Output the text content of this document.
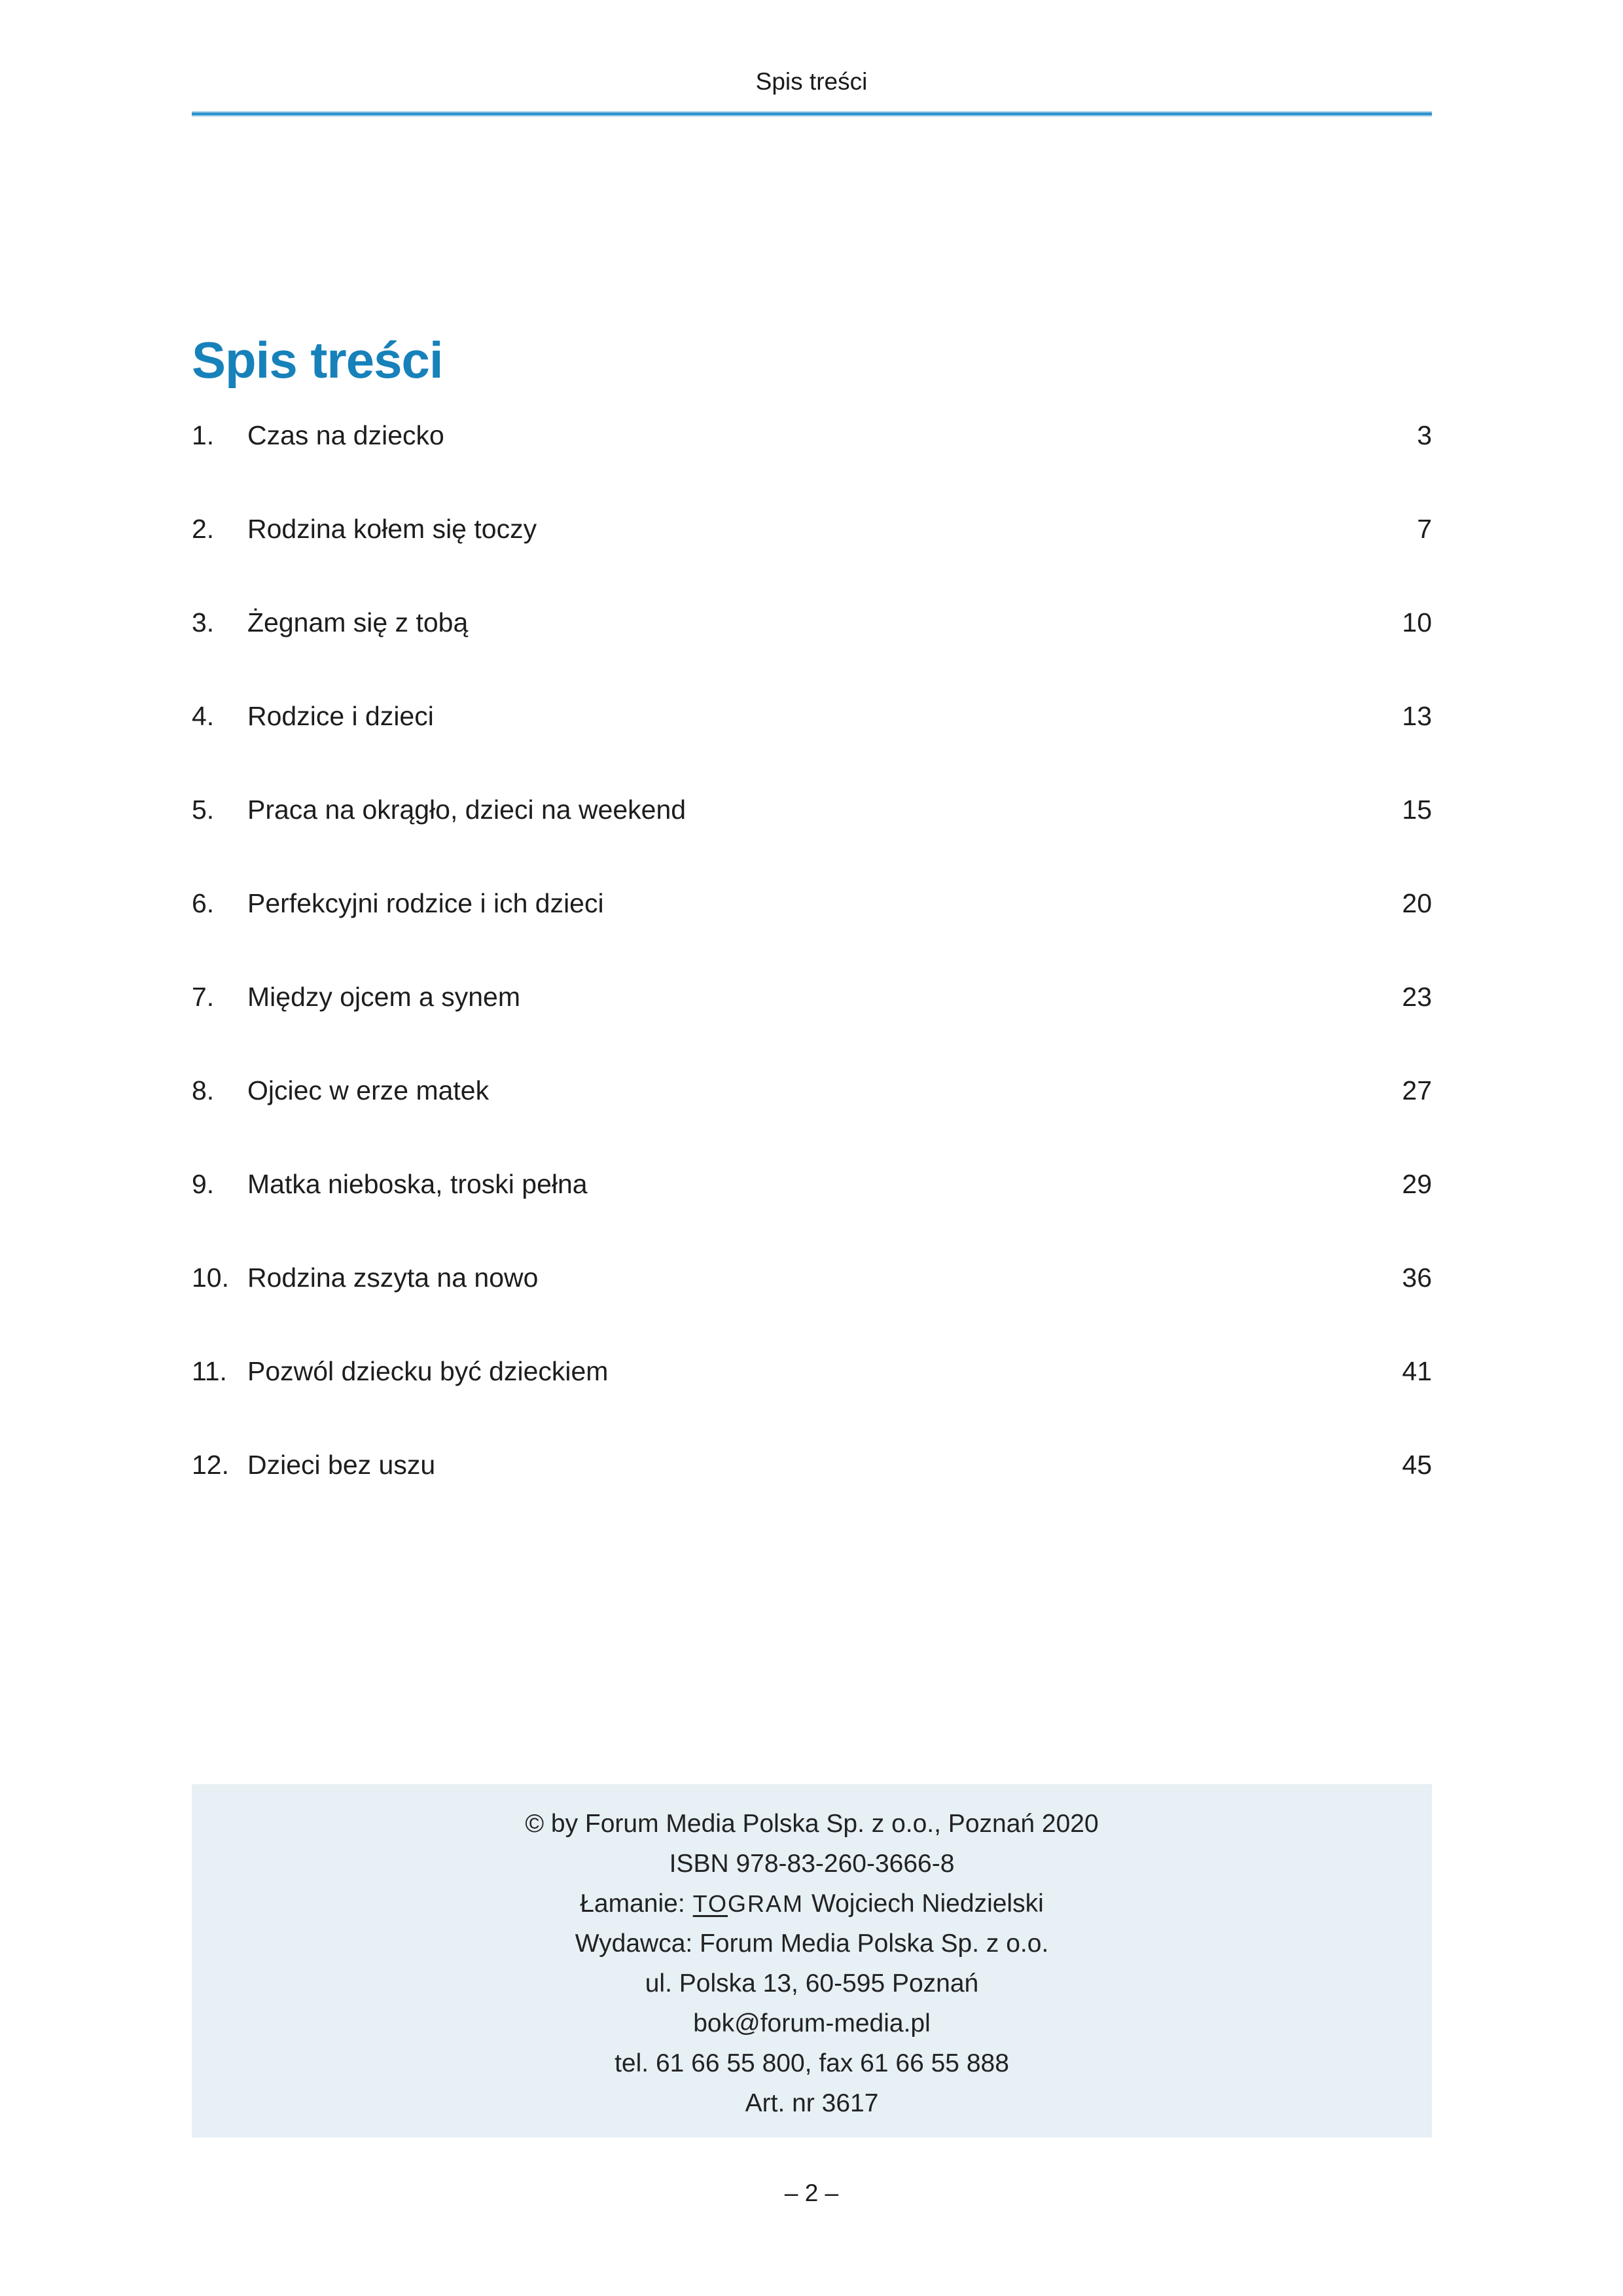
Spis treści
Spis treści
1.	Czas na dziecko	3
2.	Rodzina kołem się toczy	7
3.	Żegnam się z tobą	10
4.	Rodzice i dzieci	13
5.	Praca na okrągło, dzieci na weekend	15
6.	Perfekcyjni rodzice i ich dzieci	20
7.	Między ojcem a synem	23
8.	Ojciec w erze matek	27
9.	Matka nieboska, troski pełna	29
10. Rodzina zszyta na nowo	36
11. Pozwól dziecku być dzieckiem	41
12. Dzieci bez uszu	45
© by Forum Media Polska Sp. z o.o., Poznań 2020
ISBN 978-83-260-3666-8
Łamanie: TOGRAM Wojciech Niedzielski
Wydawca: Forum Media Polska Sp. z o.o.
ul. Polska 13, 60-595 Poznań
bok@forum-media.pl
tel. 61 66 55 800, fax 61 66 55 888
Art. nr 3617
– 2 –
